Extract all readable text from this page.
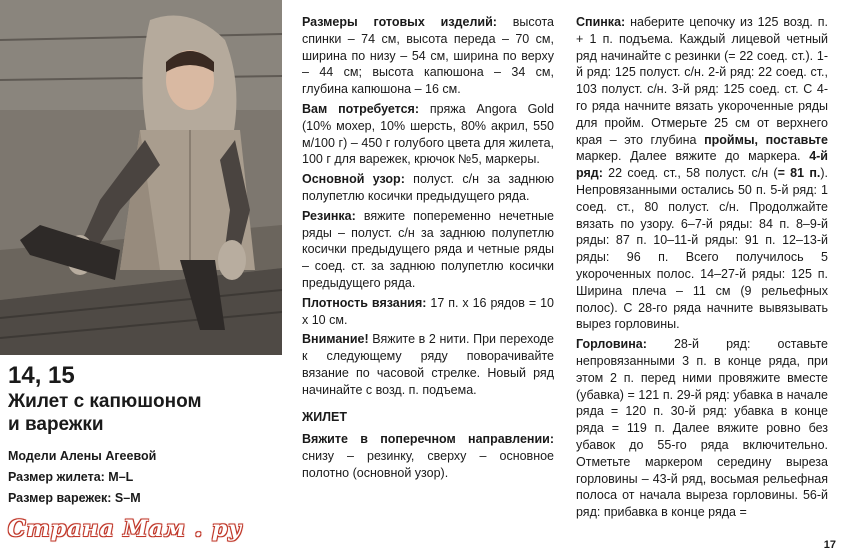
14, 15
Жилет с капюшоном
и варежки
Модели Алены Агеевой
Размер жилета: M–L
Размер варежек: S–M

Размеры готовых изделий: высота спинки – 74 см, высота переда – 70 см, ширина по низу – 54 см, ширина по верху – 44 см; высота капюшона – 34 см, глубина капюшона – 16 см.

Вам потребуется: пряжа Angora Gold (10% мохер, 10% шерсть, 80% акрил, 550 м/100 г) – 450 г голубого цвета для жилета, 100 г для варежек, крючок №5, маркеры.

Основной узор: полуст. с/н за заднюю полупетлю косички предыдущего ряда.

Резинка: вяжите попеременно нечетные ряды – полуст. с/н за заднюю полупетлю косички предыдущего ряда и четные ряды – соед. ст. за заднюю полупетлю косички предыдущего ряда.

Плотность вязания: 17 п. х 16 рядов = 10 х 10 см.

Внимание! Вяжите в 2 нити. При переходе к следующему ряду поворачивайте вязание по часовой стрелке. Новый ряд начинайте с возд. п. подъема.

ЖИЛЕТ

Вяжите в поперечном направлении: снизу – резинку, сверху – основное полотно (основной узор).

Спинка: наберите цепочку из 125 возд. п. + 1 п. подъема. Каждый лицевой четный ряд начинайте с резинки (= 22 соед. ст.). 1-й ряд: 125 полуст. с/н. 2-й ряд: 22 соед. ст., 103 полуст. с/н. 3-й ряд: 125 соед. ст. С 4-го ряда начните вязать укороченные ряды для пройм. Отмерьте 25 см от верхнего края – это глубина проймы, поставьте маркер. Далее вяжите до маркера. 4-й ряд: 22 соед. ст., 58 полуст. с/н (= 81 п.). Непровязанными остались 50 п. 5-й ряд: 1 соед. ст., 80 полуст. с/н. Продолжайте вязать по узору. 6–7-й ряды: 84 п. 8–9-й ряды: 87 п. 10–11-й ряды: 91 п. 12–13-й ряды: 96 п. Всего получилось 5 укороченных полос. 14–27-й ряды: 125 п. Ширина плеча – 11 см (9 рельефных полос). С 28-го ряда начните вывязывать вырез горловины.

Горловина: 28-й ряд: оставьте непровязанными 3 п. в конце ряда, при этом 2 п. перед ними провяжите вместе (убавка) = 121 п. 29-й ряд: убавка в начале ряда = 120 п. 30-й ряд: убавка в конце ряда = 119 п. Далее вяжите ровно без убавок до 55-го ряда включительно. Отметьте маркером середину выреза горловины – 43-й ряд, восьмая рельефная полоса от начала выреза горловины. 56-й ряд: прибавка в конце ряда =

Страна Мам . ру
17
